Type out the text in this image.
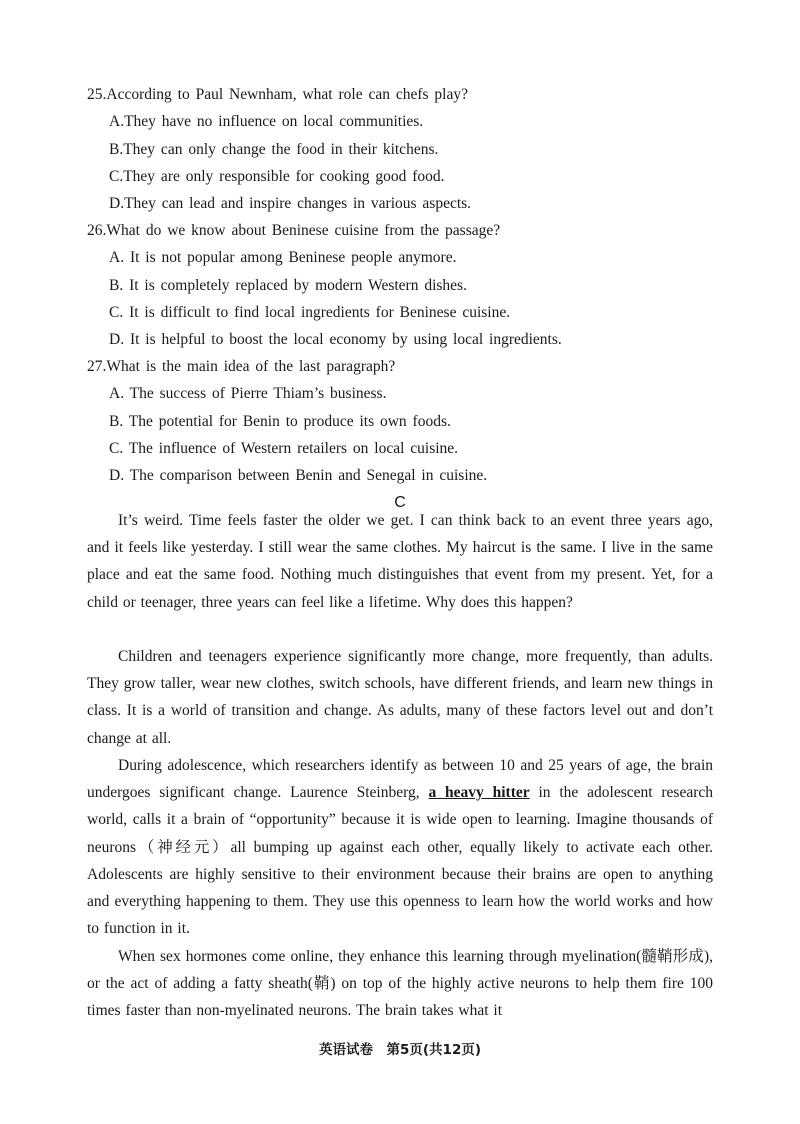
25.According to Paul Newnham, what role can chefs play?
A.They have no influence on local communities.
B.They can only change the food in their kitchens.
C.They are only responsible for cooking good food.
D.They can lead and inspire changes in various aspects.
26.What do we know about Beninese cuisine from the passage?
A. It is not popular among Beninese people anymore.
B. It is completely replaced by modern Western dishes.
C. It is difficult to find local ingredients for Beninese cuisine.
D. It is helpful to boost the local economy by using local ingredients.
27.What is the main idea of the last paragraph?
A. The success of Pierre Thiam’s business.
B. The potential for Benin to produce its own foods.
C. The influence of Western retailers on local cuisine.
D. The comparison between Benin and Senegal in cuisine.
C

It’s weird. Time feels faster the older we get. I can think back to an event three years ago, and it feels like yesterday. I still wear the same clothes. My haircut is the same. I live in the same place and eat the same food. Nothing much distinguishes that event from my present. Yet, for a child or teenager, three years can feel like a lifetime. Why does this happen?

Children and teenagers experience significantly more change, more frequently, than adults. They grow taller, wear new clothes, switch schools, have different friends, and learn new things in class. It is a world of transition and change. As adults, many of these factors level out and don’t change at all.

During adolescence, which researchers identify as between 10 and 25 years of age, the brain undergoes significant change. Laurence Steinberg, a heavy hitter in the adolescent research world, calls it a brain of “opportunity” because it is wide open to learning. Imagine thousands of neurons（神经元）all bumping up against each other, equally likely to activate each other. Adolescents are highly sensitive to their environment because their brains are open to anything and everything happening to them. They use this openness to learn how the world works and how to function in it.

When sex hormones come online, they enhance this learning through myelination(髓鞘形成), or the act of adding a fatty sheath(鞘) on top of the highly active neurons to help them fire 100 times faster than non-myelinated neurons. The brain takes what it

英语试卷　第5页(共12页)
